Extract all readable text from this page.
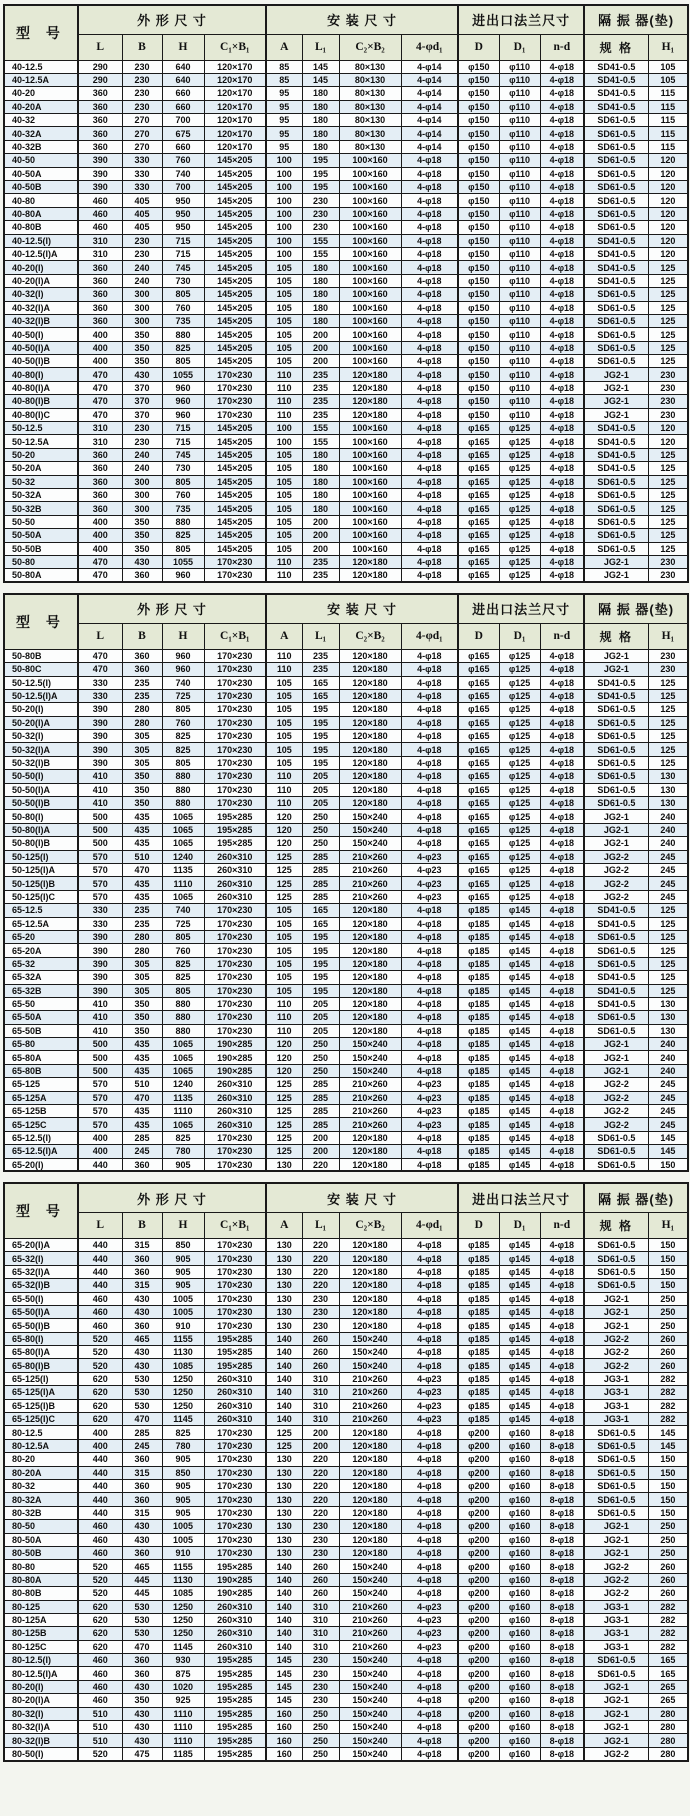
型 号	外 形 尺 寸				安 装 尺 寸				进出口法兰尺寸			隔 振 器(垫)	
	L	B	H	C₁×B₁	A	L₁	C₂×B₂	4-φd₁	D	D₁	n-d	规 格	H₁
40-12.5	290	230	640	120×170	85	145	80×130	4-φ14	φ150	φ110	4-φ18	SD41-0.5	105
40-12.5A	290	230	640	120×170	85	145	80×130	4-φ14	φ150	φ110	4-φ18	SD41-0.5	105
40-20	360	230	660	120×170	95	180	80×130	4-φ14	φ150	φ110	4-φ18	SD41-0.5	115
40-20A	360	230	660	120×170	95	180	80×130	4-φ14	φ150	φ110	4-φ18	SD41-0.5	115
40-32	360	270	700	120×170	95	180	80×130	4-φ14	φ150	φ110	4-φ18	SD61-0.5	115
40-32A	360	270	675	120×170	95	180	80×130	4-φ14	φ150	φ110	4-φ18	SD61-0.5	115
40-32B	360	270	660	120×170	95	180	80×130	4-φ14	φ150	φ110	4-φ18	SD61-0.5	115
40-50	390	330	760	145×205	100	195	100×160	4-φ18	φ150	φ110	4-φ18	SD61-0.5	120
40-50A	390	330	740	145×205	100	195	100×160	4-φ18	φ150	φ110	4-φ18	SD61-0.5	120
40-50B	390	330	700	145×205	100	195	100×160	4-φ18	φ150	φ110	4-φ18	SD61-0.5	120
40-80	460	405	950	145×205	100	230	100×160	4-φ18	φ150	φ110	4-φ18	SD61-0.5	120
40-80A	460	405	950	145×205	100	230	100×160	4-φ18	φ150	φ110	4-φ18	SD61-0.5	120
40-80B	460	405	950	145×205	100	230	100×160	4-φ18	φ150	φ110	4-φ18	SD61-0.5	120
40-12.5(I)	310	230	715	145×205	100	155	100×160	4-φ18	φ150	φ110	4-φ18	SD41-0.5	120
40-12.5(I)A	310	230	715	145×205	100	155	100×160	4-φ18	φ150	φ110	4-φ18	SD41-0.5	120
40-20(I)	360	240	745	145×205	105	180	100×160	4-φ18	φ150	φ110	4-φ18	SD41-0.5	125
40-20(I)A	360	240	730	145×205	105	180	100×160	4-φ18	φ150	φ110	4-φ18	SD41-0.5	125
40-32(I)	360	300	805	145×205	105	180	100×160	4-φ18	φ150	φ110	4-φ18	SD61-0.5	125
40-32(I)A	360	300	760	145×205	105	180	100×160	4-φ18	φ150	φ110	4-φ18	SD61-0.5	125
40-32(I)B	360	300	735	145×205	105	180	100×160	4-φ18	φ150	φ110	4-φ18	SD61-0.5	125
40-50(I)	400	350	880	145×205	105	200	100×160	4-φ18	φ150	φ110	4-φ18	SD61-0.5	125
40-50(I)A	400	350	825	145×205	105	200	100×160	4-φ18	φ150	φ110	4-φ18	SD61-0.5	125
40-50(I)B	400	350	805	145×205	105	200	100×160	4-φ18	φ150	φ110	4-φ18	SD61-0.5	125
40-80(I)	470	430	1055	170×230	110	235	120×180	4-φ18	φ150	φ110	4-φ18	JG2-1	230
40-80(I)A	470	370	960	170×230	110	235	120×180	4-φ18	φ150	φ110	4-φ18	JG2-1	230
40-80(I)B	470	370	960	170×230	110	235	120×180	4-φ18	φ150	φ110	4-φ18	JG2-1	230
40-80(I)C	470	370	960	170×230	110	235	120×180	4-φ18	φ150	φ110	4-φ18	JG2-1	230
50-12.5	310	230	715	145×205	100	155	100×160	4-φ18	φ165	φ125	4-φ18	SD41-0.5	120
50-12.5A	310	230	715	145×205	100	155	100×160	4-φ18	φ165	φ125	4-φ18	SD41-0.5	120
50-20	360	240	745	145×205	105	180	100×160	4-φ18	φ165	φ125	4-φ18	SD41-0.5	125
50-20A	360	240	730	145×205	105	180	100×160	4-φ18	φ165	φ125	4-φ18	SD41-0.5	125
50-32	360	300	805	145×205	105	180	100×160	4-φ18	φ165	φ125	4-φ18	SD61-0.5	125
50-32A	360	300	760	145×205	105	180	100×160	4-φ18	φ165	φ125	4-φ18	SD61-0.5	125
50-32B	360	300	735	145×205	105	180	100×160	4-φ18	φ165	φ125	4-φ18	SD61-0.5	125
50-50	400	350	880	145×205	105	200	100×160	4-φ18	φ165	φ125	4-φ18	SD61-0.5	125
50-50A	400	350	825	145×205	105	200	100×160	4-φ18	φ165	φ125	4-φ18	SD61-0.5	125
50-50B	400	350	805	145×205	105	200	100×160	4-φ18	φ165	φ125	4-φ18	SD61-0.5	125
50-80	470	430	1055	170×230	110	235	120×180	4-φ18	φ165	φ125	4-φ18	JG2-1	230
50-80A	470	360	960	170×230	110	235	120×180	4-φ18	φ165	φ125	4-φ18	JG2-1	230
型 号	外 形 尺 寸				安 装 尺 寸				进出口法兰尺寸			隔 振 器(垫)	
	L	B	H	C₁×B₁	A	L₁	C₂×B₂	4-φd₁	D	D₁	n-d	规 格	H₁
50-80B	470	360	960	170×230	110	235	120×180	4-φ18	φ165	φ125	4-φ18	JG2-1	230
50-80C	470	360	960	170×230	110	235	120×180	4-φ18	φ165	φ125	4-φ18	JG2-1	230
50-12.5(I)	330	235	740	170×230	105	165	120×180	4-φ18	φ165	φ125	4-φ18	SD41-0.5	125
50-12.5(I)A	330	235	725	170×230	105	165	120×180	4-φ18	φ165	φ125	4-φ18	SD41-0.5	125
50-20(I)	390	280	805	170×230	105	195	120×180	4-φ18	φ165	φ125	4-φ18	SD61-0.5	125
50-20(I)A	390	280	760	170×230	105	195	120×180	4-φ18	φ165	φ125	4-φ18	SD61-0.5	125
50-32(I)	390	305	825	170×230	105	195	120×180	4-φ18	φ165	φ125	4-φ18	SD61-0.5	125
50-32(I)A	390	305	825	170×230	105	195	120×180	4-φ18	φ165	φ125	4-φ18	SD61-0.5	125
50-32(I)B	390	305	805	170×230	105	195	120×180	4-φ18	φ165	φ125	4-φ18	SD61-0.5	125
50-50(I)	410	350	880	170×230	110	205	120×180	4-φ18	φ165	φ125	4-φ18	SD61-0.5	130
50-50(I)A	410	350	880	170×230	110	205	120×180	4-φ18	φ165	φ125	4-φ18	SD61-0.5	130
50-50(I)B	410	350	880	170×230	110	205	120×180	4-φ18	φ165	φ125	4-φ18	SD61-0.5	130
50-80(I)	500	435	1065	195×285	120	250	150×240	4-φ18	φ165	φ125	4-φ18	JG2-1	240
50-80(I)A	500	435	1065	195×285	120	250	150×240	4-φ18	φ165	φ125	4-φ18	JG2-1	240
50-80(I)B	500	435	1065	195×285	120	250	150×240	4-φ18	φ165	φ125	4-φ18	JG2-1	240
50-125(I)	570	510	1240	260×310	125	285	210×260	4-φ23	φ165	φ125	4-φ18	JG2-2	245
50-125(I)A	570	470	1135	260×310	125	285	210×260	4-φ23	φ165	φ125	4-φ18	JG2-2	245
50-125(I)B	570	435	1110	260×310	125	285	210×260	4-φ23	φ165	φ125	4-φ18	JG2-2	245
50-125(I)C	570	435	1065	260×310	125	285	210×260	4-φ23	φ165	φ125	4-φ18	JG2-2	245
65-12.5	330	235	740	170×230	105	165	120×180	4-φ18	φ185	φ145	4-φ18	SD41-0.5	125
65-12.5A	330	235	725	170×230	105	165	120×180	4-φ18	φ185	φ145	4-φ18	SD41-0.5	125
65-20	390	280	805	170×230	105	195	120×180	4-φ18	φ185	φ145	4-φ18	SD61-0.5	125
65-20A	390	280	760	170×230	105	195	120×180	4-φ18	φ185	φ145	4-φ18	SD61-0.5	125
65-32	390	305	825	170×230	105	195	120×180	4-φ18	φ185	φ145	4-φ18	SD61-0.5	125
65-32A	390	305	825	170×230	105	195	120×180	4-φ18	φ185	φ145	4-φ18	SD41-0.5	125
65-32B	390	305	805	170×230	105	195	120×180	4-φ18	φ185	φ145	4-φ18	SD41-0.5	125
65-50	410	350	880	170×230	110	205	120×180	4-φ18	φ185	φ145	4-φ18	SD41-0.5	130
65-50A	410	350	880	170×230	110	205	120×180	4-φ18	φ185	φ145	4-φ18	SD61-0.5	130
65-50B	410	350	880	170×230	110	205	120×180	4-φ18	φ185	φ145	4-φ18	SD61-0.5	130
65-80	500	435	1065	190×285	120	250	150×240	4-φ18	φ185	φ145	4-φ18	JG2-1	240
65-80A	500	435	1065	190×285	120	250	150×240	4-φ18	φ185	φ145	4-φ18	JG2-1	240
65-80B	500	435	1065	190×285	120	250	150×240	4-φ18	φ185	φ145	4-φ18	JG2-1	240
65-125	570	510	1240	260×310	125	285	210×260	4-φ23	φ185	φ145	4-φ18	JG2-2	245
65-125A	570	470	1135	260×310	125	285	210×260	4-φ23	φ185	φ145	4-φ18	JG2-2	245
65-125B	570	435	1110	260×310	125	285	210×260	4-φ23	φ185	φ145	4-φ18	JG2-2	245
65-125C	570	435	1065	260×310	125	285	210×260	4-φ23	φ185	φ145	4-φ18	JG2-2	245
65-12.5(I)	400	285	825	170×230	125	200	120×180	4-φ18	φ185	φ145	4-φ18	SD61-0.5	145
65-12.5(I)A	400	245	780	170×230	125	200	120×180	4-φ18	φ185	φ145	4-φ18	SD61-0.5	145
65-20(I)	440	360	905	170×230	130	220	120×180	4-φ18	φ185	φ145	4-φ18	SD61-0.5	150
型 号	外 形 尺 寸				安 装 尺 寸				进出口法兰尺寸			隔 振 器(垫)	
	L	B	H	C₁×B₁	A	L₁	C₂×B₂	4-φd₁	D	D₁	n-d	规 格	H₁
65-20(I)A	440	315	850	170×230	130	220	120×180	4-φ18	φ185	φ145	4-φ18	SD61-0.5	150
65-32(I)	440	360	905	170×230	130	220	120×180	4-φ18	φ185	φ145	4-φ18	SD61-0.5	150
65-32(I)A	440	360	905	170×230	130	220	120×180	4-φ18	φ185	φ145	4-φ18	SD61-0.5	150
65-32(I)B	440	315	905	170×230	130	220	120×180	4-φ18	φ185	φ145	4-φ18	SD61-0.5	150
65-50(I)	460	430	1005	170×230	130	230	120×180	4-φ18	φ185	φ145	4-φ18	JG2-1	250
65-50(I)A	460	430	1005	170×230	130	230	120×180	4-φ18	φ185	φ145	4-φ18	JG2-1	250
65-50(I)B	460	360	910	170×230	130	230	120×180	4-φ18	φ185	φ145	4-φ18	JG2-1	250
65-80(I)	520	465	1155	195×285	140	260	150×240	4-φ18	φ185	φ145	4-φ18	JG2-2	260
65-80(I)A	520	430	1130	195×285	140	260	150×240	4-φ18	φ185	φ145	4-φ18	JG2-2	260
65-80(I)B	520	430	1085	195×285	140	260	150×240	4-φ18	φ185	φ145	4-φ18	JG2-2	260
65-125(I)	620	530	1250	260×310	140	310	210×260	4-φ23	φ185	φ145	4-φ18	JG3-1	282
65-125(I)A	620	530	1250	260×310	140	310	210×260	4-φ23	φ185	φ145	4-φ18	JG3-1	282
65-125(I)B	620	530	1250	260×310	140	310	210×260	4-φ23	φ185	φ145	4-φ18	JG3-1	282
65-125(I)C	620	470	1145	260×310	140	310	210×260	4-φ23	φ185	φ145	4-φ18	JG3-1	282
80-12.5	400	285	825	170×230	125	200	120×180	4-φ18	φ200	φ160	8-φ18	SD61-0.5	145
80-12.5A	400	245	780	170×230	125	200	120×180	4-φ18	φ200	φ160	8-φ18	SD61-0.5	145
80-20	440	360	905	170×230	130	220	120×180	4-φ18	φ200	φ160	8-φ18	SD61-0.5	150
80-20A	440	315	850	170×230	130	220	120×180	4-φ18	φ200	φ160	8-φ18	SD61-0.5	150
80-32	440	360	905	170×230	130	220	120×180	4-φ18	φ200	φ160	8-φ18	SD61-0.5	150
80-32A	440	360	905	170×230	130	220	120×180	4-φ18	φ200	φ160	8-φ18	SD61-0.5	150
80-32B	440	315	905	170×230	130	220	120×180	4-φ18	φ200	φ160	8-φ18	SD61-0.5	150
80-50	460	430	1005	170×230	130	230	120×180	4-φ18	φ200	φ160	8-φ18	JG2-1	250
80-50A	460	430	1005	170×230	130	230	120×180	4-φ18	φ200	φ160	8-φ18	JG2-1	250
80-50B	460	360	910	170×230	130	230	120×180	4-φ18	φ200	φ160	8-φ18	JG2-1	250
80-80	520	465	1155	195×285	140	260	150×240	4-φ18	φ200	φ160	8-φ18	JG2-2	260
80-80A	520	445	1130	190×285	140	260	150×240	4-φ18	φ200	φ160	8-φ18	JG2-2	260
80-80B	520	445	1085	190×285	140	260	150×240	4-φ18	φ200	φ160	8-φ18	JG2-2	260
80-125	620	530	1250	260×310	140	310	210×260	4-φ23	φ200	φ160	8-φ18	JG3-1	282
80-125A	620	530	1250	260×310	140	310	210×260	4-φ23	φ200	φ160	8-φ18	JG3-1	282
80-125B	620	530	1250	260×310	140	310	210×260	4-φ23	φ200	φ160	8-φ18	JG3-1	282
80-125C	620	470	1145	260×310	140	310	210×260	4-φ23	φ200	φ160	8-φ18	JG3-1	282
80-12.5(I)	460	360	930	195×285	145	230	150×240	4-φ18	φ200	φ160	8-φ18	SD61-0.5	165
80-12.5(I)A	460	360	875	195×285	145	230	150×240	4-φ18	φ200	φ160	8-φ18	SD61-0.5	165
80-20(I)	460	430	1020	195×285	145	230	150×240	4-φ18	φ200	φ160	8-φ18	JG2-1	265
80-20(I)A	460	350	925	195×285	145	230	150×240	4-φ18	φ200	φ160	8-φ18	JG2-1	265
80-32(I)	510	430	1110	195×285	160	250	150×240	4-φ18	φ200	φ160	8-φ18	JG2-1	280
80-32(I)A	510	430	1110	195×285	160	250	150×240	4-φ18	φ200	φ160	8-φ18	JG2-1	280
80-32(I)B	510	430	1110	195×285	160	250	150×240	4-φ18	φ200	φ160	8-φ18	JG2-1	280
80-50(I)	520	475	1185	195×285	160	250	150×240	4-φ18	φ200	φ160	8-φ18	JG2-2	280
